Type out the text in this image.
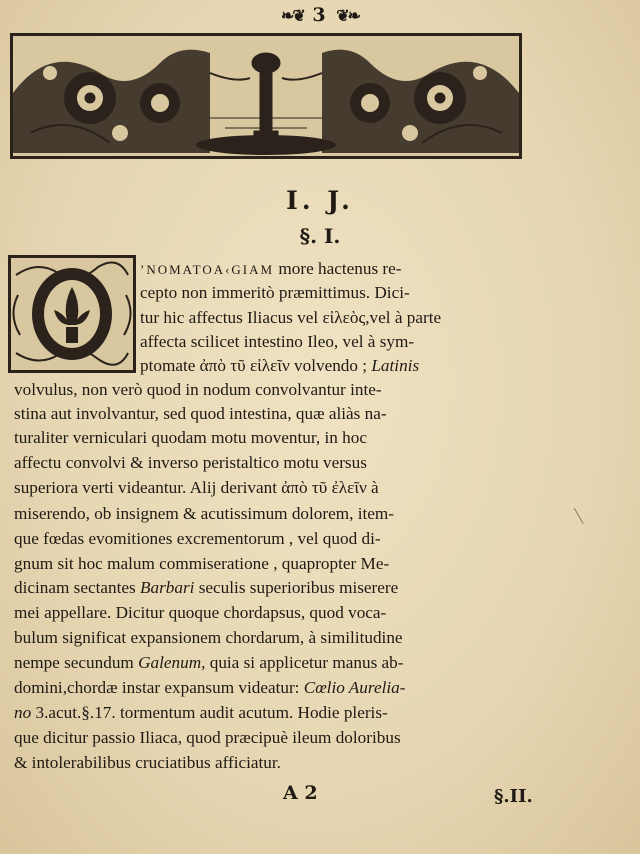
❧❦ 3 ❦❧
I. J.
§. I.
’NOMATOA‹GIAM more hactenus re-
cepto non immeritò præmittimus. Dici-
tur hic affectus Iliacus vel εἰλεὸς,vel à parte
affecta scilicet intestino Ileo, vel à sym-
ptomate ἀπὸ τῦ εἰλεῖν volvendo ; Latinis
volvulus, non verò quod in nodum convolvantur inte-
stina aut involvantur, sed quod intestina, quæ aliàs na-
turaliter verniculari quodam motu moventur, in hoc
affectu convolvi & inverso peristaltico motu versus
superiora verti videantur. Alij derivant ἀπὸ τῦ ἐλεῖν à
miserendo, ob insignem & acutissimum dolorem, item-
que fœdas evomitiones excrementorum , vel quod di-
gnum sit hoc malum commiseratione , quapropter Me-
dicinam sectantes Barbari seculis superioribus miserere
mei appellare. Dicitur quoque chordapsus, quod voca-
bulum significat expansionem chordarum, à similitudine
nempe secundum Galenum, quia si applicetur manus ab-
domini,chordæ instar expansum videatur: Cœlio Aurelia-
no 3.acut.§.17. tormentum audit acutum. Hodie pleris-
que dicitur passio Iliaca, quod præcipuè ileum doloribus
& intolerabilibus cruciatibus afficiatur.
A 2	§.II.
